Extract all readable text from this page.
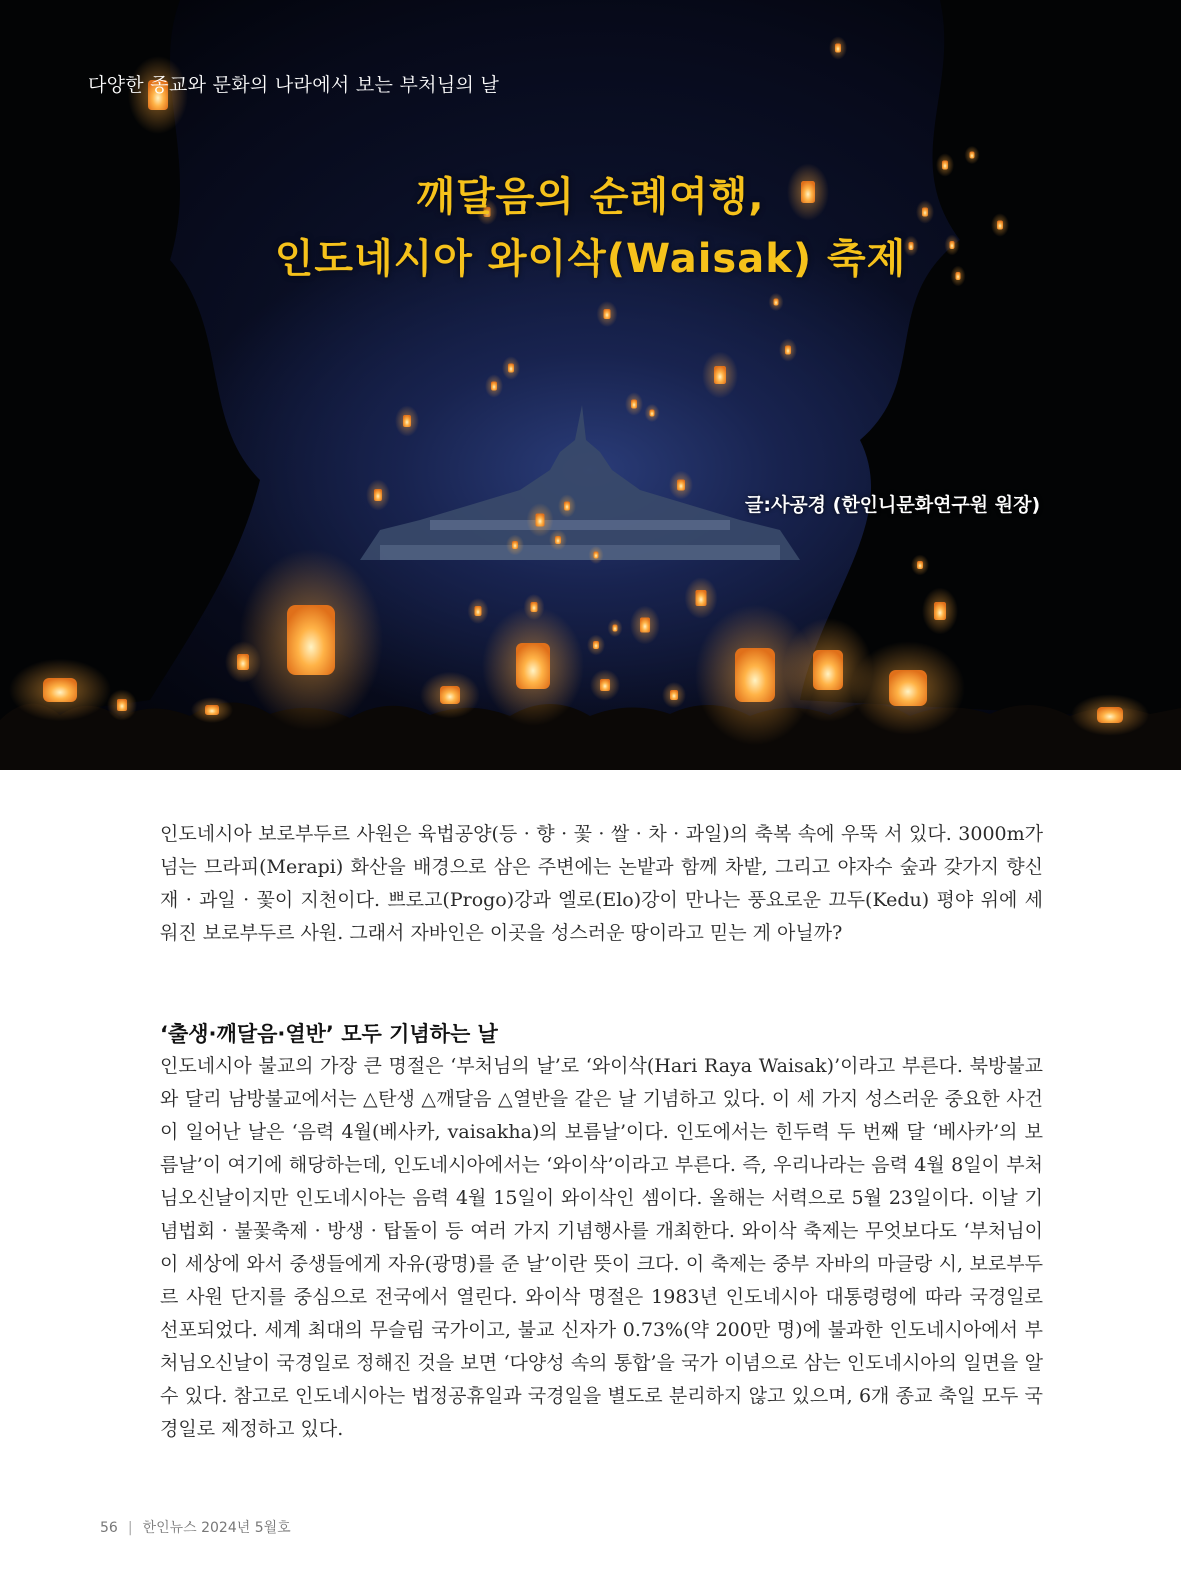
다양한 종교와 문화의 나라에서 보는 부처님의 날
깨달음의 순례여행,
인도네시아 와이삭(Waisak) 축제
글:사공경 (한인니문화연구원 원장)

인도네시아 보로부두르 사원은 육법공양(등 · 향 · 꽃 · 쌀 · 차 · 과일)의 축복 속에 우뚝 서 있다. 3000m가 넘는 므라피(Merapi) 화산을 배경으로 삼은 주변에는 논밭과 함께 차밭, 그리고 야자수 숲과 갖가지 향신재 · 과일 · 꽃이 지천이다. 쁘로고(Progo)강과 엘로(Elo)강이 만나는 풍요로운 끄두(Kedu) 평야 위에 세워진 보로부두르 사원. 그래서 자바인은 이곳을 성스러운 땅이라고 믿는 게 아닐까?

‘출생·깨달음·열반’ 모두 기념하는 날

인도네시아 불교의 가장 큰 명절은 ‘부처님의 날’로 ‘와이삭(Hari Raya Waisak)’이라고 부른다. 북방불교와 달리 남방불교에서는 △탄생 △깨달음 △열반을 같은 날 기념하고 있다. 이 세 가지 성스러운 중요한 사건이 일어난 날은 ‘음력 4월(베사카, vaisakha)의 보름날’이다. 인도에서는 힌두력 두 번째 달 ‘베사카’의 보름날’이 여기에 해당하는데, 인도네시아에서는 ‘와이삭’이라고 부른다. 즉, 우리나라는 음력 4월 8일이 부처님오신날이지만 인도네시아는 음력 4월 15일이 와이삭인 셈이다. 올해는 서력으로 5월 23일이다. 이날 기념법회 · 불꽃축제 · 방생 · 탑돌이 등 여러 가지 기념행사를 개최한다. 와이삭 축제는 무엇보다도 ‘부처님이 이 세상에 와서 중생들에게 자유(광명)를 준 날’이란 뜻이 크다. 이 축제는 중부 자바의 마글랑 시, 보로부두르 사원 단지를 중심으로 전국에서 열린다. 와이삭 명절은 1983년 인도네시아 대통령령에 따라 국경일로 선포되었다. 세계 최대의 무슬림 국가이고, 불교 신자가 0.73%(약 200만 명)에 불과한 인도네시아에서 부처님오신날이 국경일로 정해진 것을 보면 ‘다양성 속의 통합’을 국가 이념으로 삼는 인도네시아의 일면을 알 수 있다. 참고로 인도네시아는 법정공휴일과 국경일을 별도로 분리하지 않고 있으며, 6개 종교 축일 모두 국경일로 제정하고 있다.

56 | 한인뉴스 2024년 5월호
